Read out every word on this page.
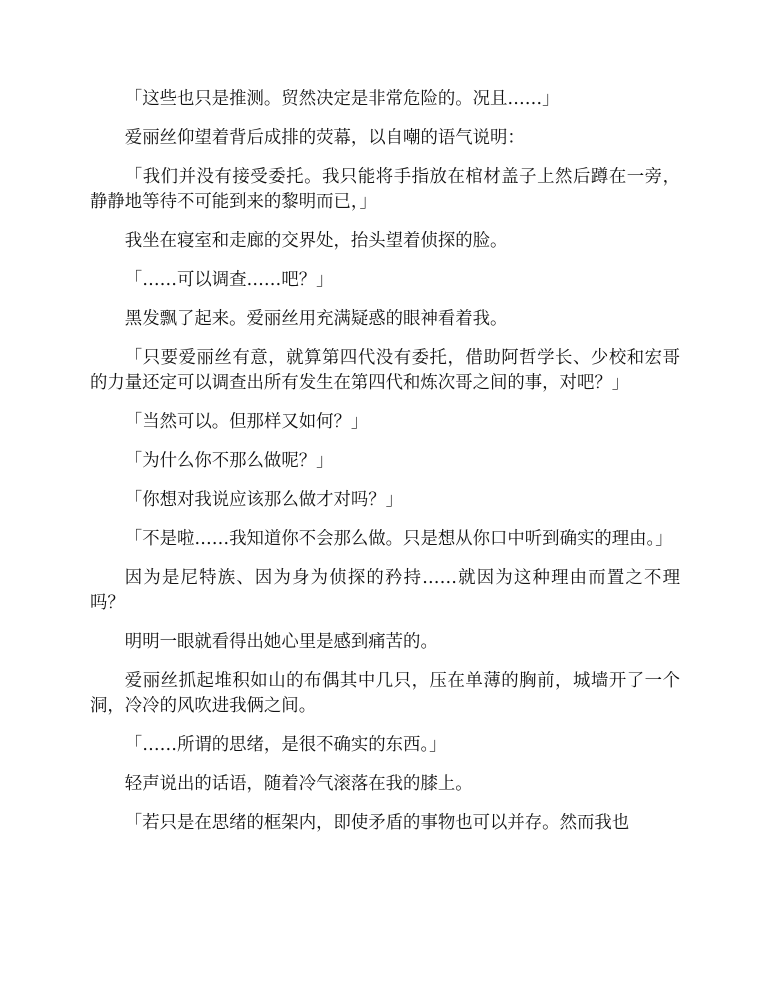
「这些也只是推测。贸然决定是非常危险的。况且……」

爱丽丝仰望着背后成排的荧幕，以自嘲的语气说明：

「我们并没有接受委托。我只能将手指放在棺材盖子上然后蹲在一旁，静静地等待不可能到来的黎明而已，」

我坐在寝室和走廊的交界处，抬头望着侦探的脸。

「……可以调查……吧？」

黑发飘了起来。爱丽丝用充满疑惑的眼神看着我。

「只要爱丽丝有意，就算第四代没有委托，借助阿哲学长、少校和宏哥的力量还定可以调查出所有发生在第四代和炼次哥之间的事，对吧？」

「当然可以。但那样又如何？」

「为什么你不那么做呢？」

「你想对我说应该那么做才对吗？」

「不是啦……我知道你不会那么做。只是想从你口中听到确实的理由。」

因为是尼特族、因为身为侦探的矜持……就因为这种理由而置之不理吗？

明明一眼就看得出她心里是感到痛苦的。

爱丽丝抓起堆积如山的布偶其中几只，压在单薄的胸前，城墙开了一个洞，冷冷的风吹进我俩之间。

「……所谓的思绪，是很不确实的东西。」

轻声说出的话语，随着冷气滚落在我的膝上。

「若只是在思绪的框架内，即使矛盾的事物也可以并存。然而我也
